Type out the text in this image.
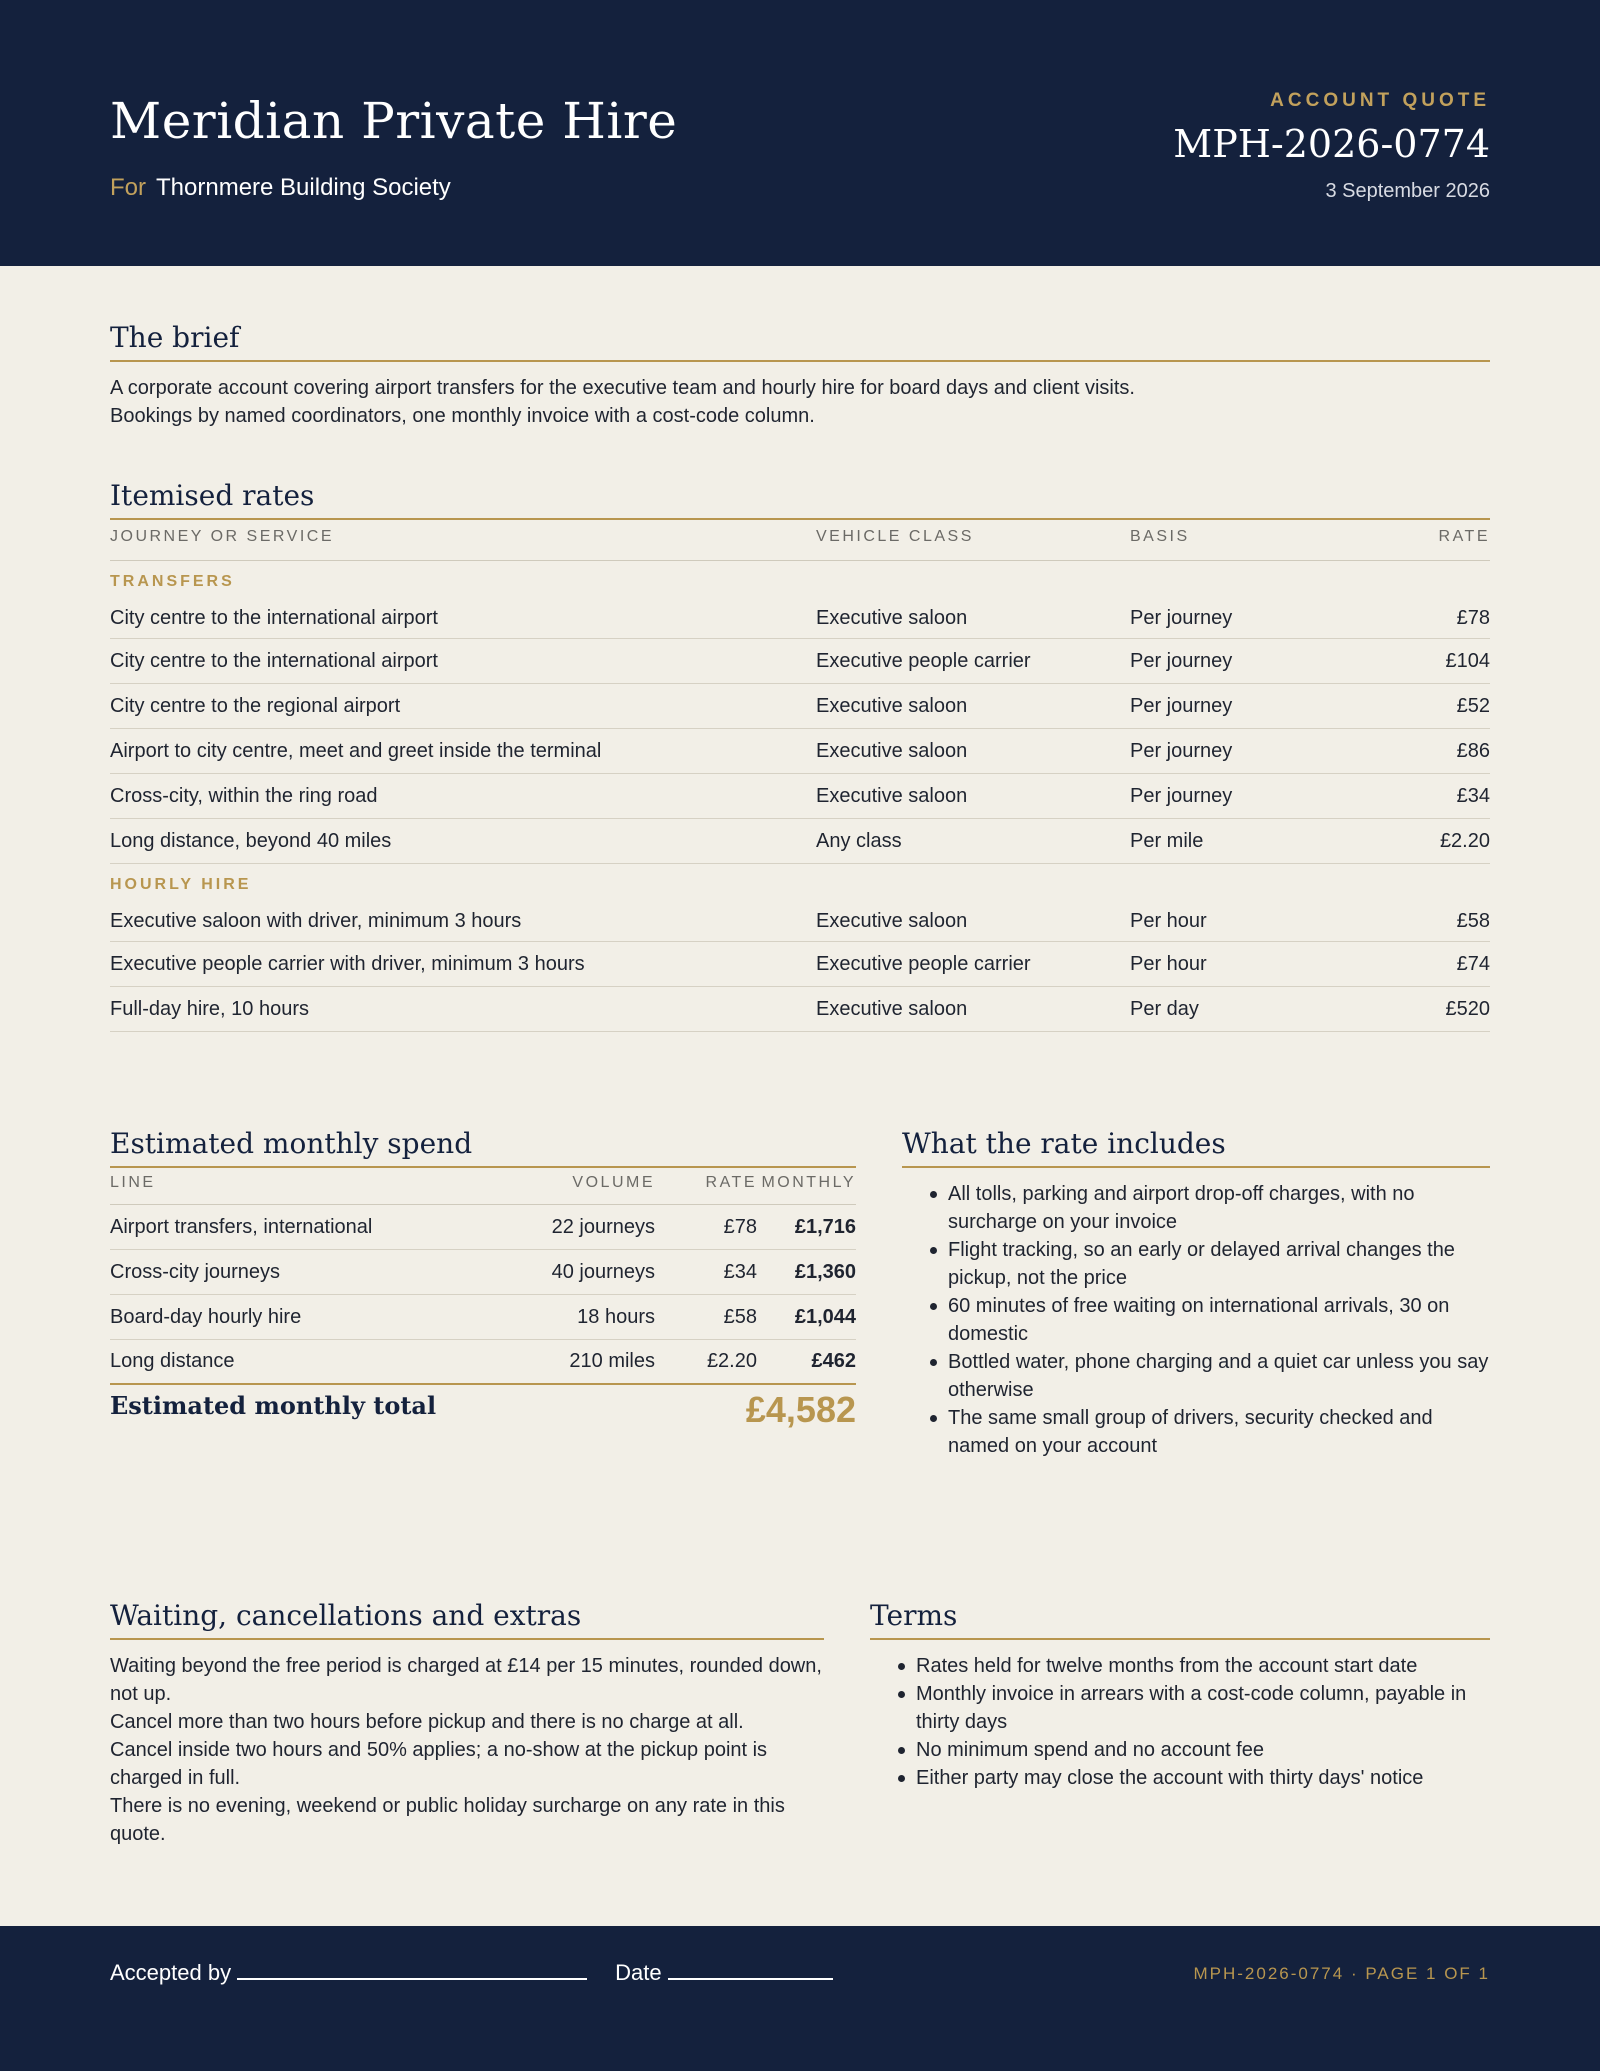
Meridian Private Hire
For Thornmere Building Society
ACCOUNT QUOTE
MPH-2026-0774
3 September 2026
The brief

A corporate account covering airport transfers for the executive team and hourly hire for board days and client visits.
Bookings by named coordinators, one monthly invoice with a cost-code column.

Itemised rates
JOURNEY OR SERVICE	VEHICLE CLASS	BASIS	RATE
TRANSFERS
City centre to the international airport	Executive saloon	Per journey	£78
City centre to the international airport	Executive people carrier	Per journey	£104
City centre to the regional airport	Executive saloon	Per journey	£52
Airport to city centre, meet and greet inside the terminal	Executive saloon	Per journey	£86
Cross-city, within the ring road	Executive saloon	Per journey	£34
Long distance, beyond 40 miles	Any class	Per mile	£2.20
HOURLY HIRE
Executive saloon with driver, minimum 3 hours	Executive saloon	Per hour	£58
Executive people carrier with driver, minimum 3 hours	Executive people carrier	Per hour	£74
Full-day hire, 10 hours	Executive saloon	Per day	£520
Estimated monthly spend
LINE	VOLUME	RATE MONTHLY
Airport transfers, international	22 journeys	£78	£1,716
Cross-city journeys	40 journeys	£34	£1,360
Board-day hourly hire	18 hours	£58	£1,044
Long distance	210 miles	£2.20	£462
Estimated monthly total	£4,582
What the rate includes
All tolls, parking and airport drop-off charges, with no surcharge on your invoice
Flight tracking, so an early or delayed arrival changes the pickup, not the price
60 minutes of free waiting on international arrivals, 30 on domestic
Bottled water, phone charging and a quiet car unless you say otherwise
The same small group of drivers, security checked and named on your account
Waiting, cancellations and extras

Waiting beyond the free period is charged at £14 per 15 minutes, rounded down, not up.

Cancel more than two hours before pickup and there is no charge at all.

Cancel inside two hours and 50% applies; a no-show at the pickup point is charged in full.

There is no evening, weekend or public holiday surcharge on any rate in this quote.

Terms
Rates held for twelve months from the account start date
Monthly invoice in arrears with a cost-code column, payable in thirty days
No minimum spend and no account fee
Either party may close the account with thirty days' notice
Accepted by	Date	MPH-2026-0774 · PAGE 1 OF 1
